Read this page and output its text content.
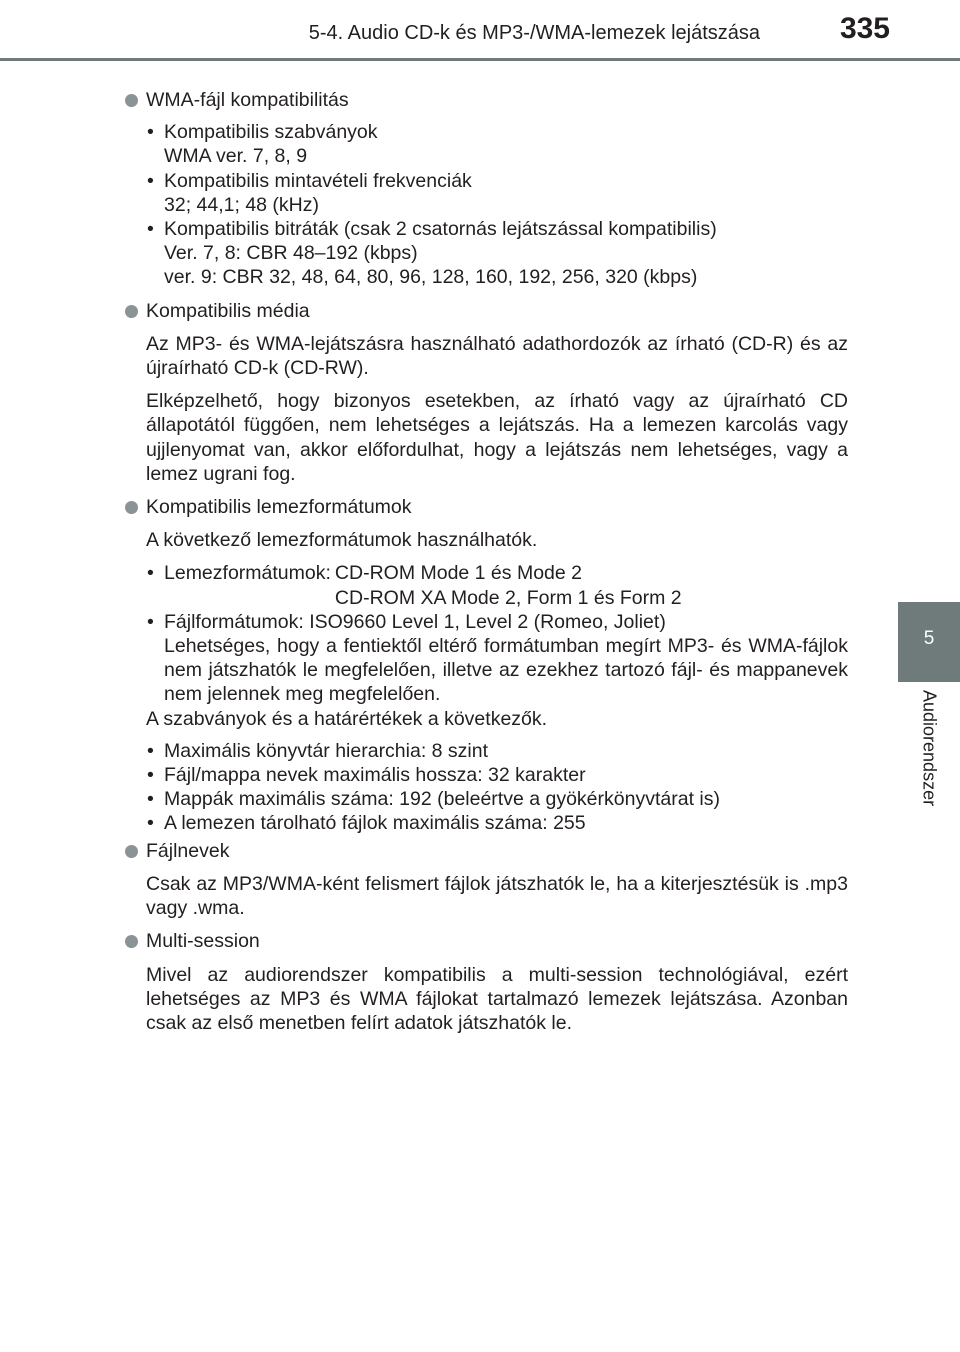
5-4. Audio CD-k és MP3-/WMA-lemezek lejátszása	335
5
Audiorendszer
WMA-fájl kompatibilitás
• Kompatibilis szabványok
WMA ver. 7, 8, 9
• Kompatibilis mintavételi frekvenciák
32; 44,1; 48 (kHz)
• Kompatibilis bitráták (csak 2 csatornás lejátszással kompatibilis)
Ver. 7, 8: CBR 48–192 (kbps)
ver. 9: CBR 32, 48, 64, 80, 96, 128, 160, 192, 256, 320 (kbps)
Kompatibilis média

Az MP3- és WMA-lejátszásra használható adathordozók az írható (CD-R) és az újraírható CD-k (CD-RW).

Elképzelhető, hogy bizonyos esetekben, az írható vagy az újraírható CD állapotától függően, nem lehetséges a lejátszás. Ha a lemezen karcolás vagy ujjlenyomat van, akkor előfordulhat, hogy a lejátszás nem lehetséges, vagy a lemez ugrani fog.

Kompatibilis lemezformátumok

A következő lemezformátumok használhatók.

• Lemezformátumok: CD-ROM Mode 1 és Mode 2
CD-ROM XA Mode 2, Form 1 és Form 2
• Fájlformátumok: ISO9660 Level 1, Level 2 (Romeo, Joliet)
Lehetséges, hogy a fentiektől eltérő formátumban megírt MP3- és WMA-fájlok nem játszhatók le megfelelően, illetve az ezekhez tartozó fájl- és mappanevek nem jelennek meg megfelelően.

A szabványok és a határértékek a következők.

• Maximális könyvtár hierarchia: 8 szint
• Fájl/mappa nevek maximális hossza: 32 karakter
• Mappák maximális száma: 192 (beleértve a gyökérkönyvtárat is)
• A lemezen tárolható fájlok maximális száma: 255
Fájlnevek

Csak az MP3/WMA-ként felismert fájlok játszhatók le, ha a kiterjesztésük is .mp3 vagy .wma.

Multi-session

Mivel az audiorendszer kompatibilis a multi-session technológiával, ezért lehetséges az MP3 és WMA fájlokat tartalmazó lemezek lejátszása. Azonban csak az első menetben felírt adatok játszhatók le.
